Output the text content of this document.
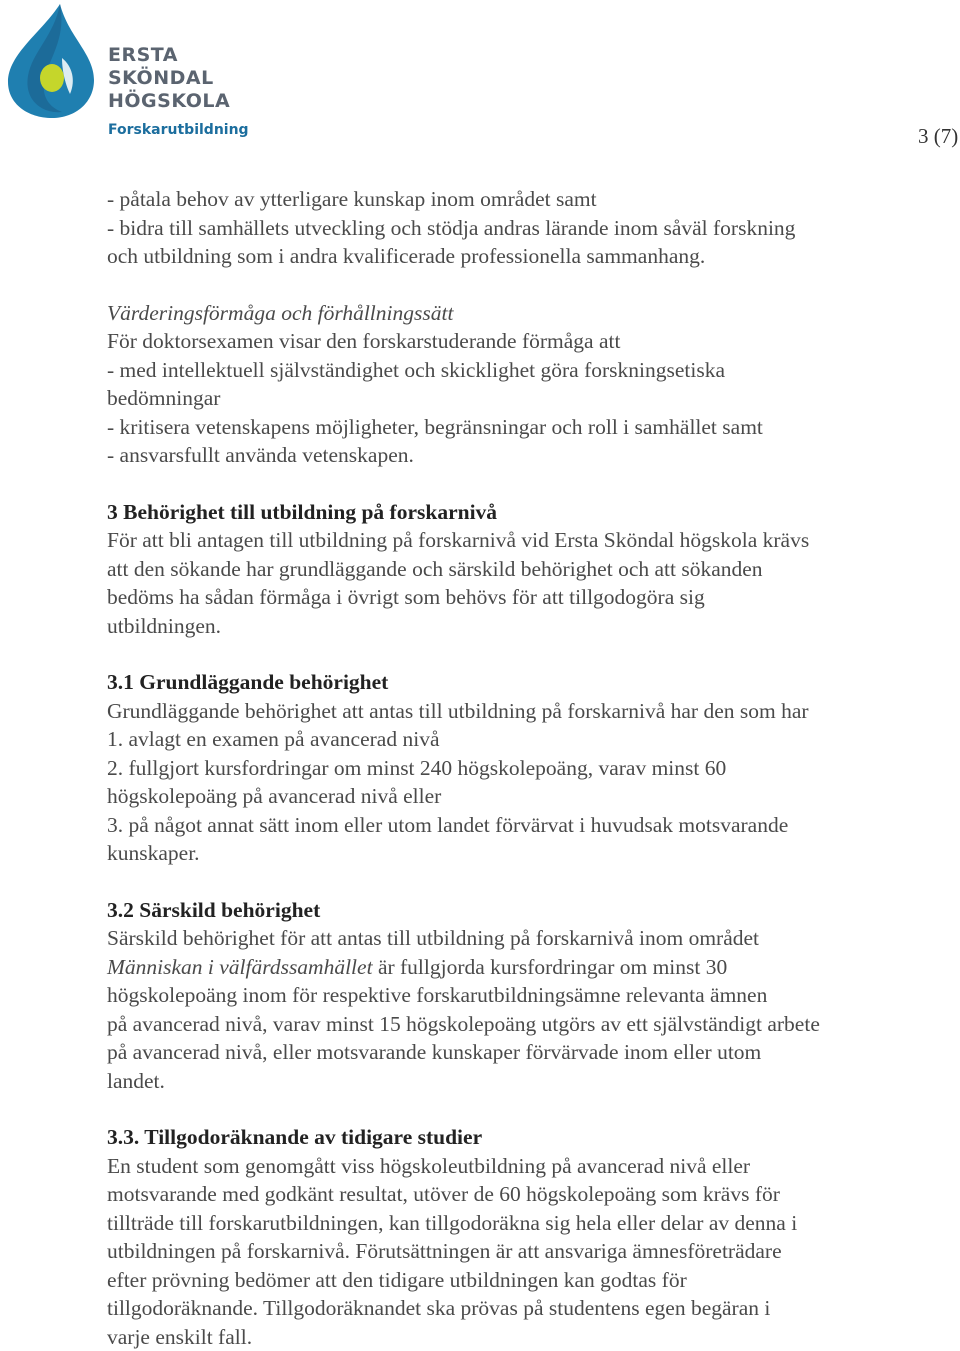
ERSTA
SKÖNDAL
HÖGSKOLA
Forskarutbildning	3 (7)
- påtala behov av ytterligare kunskap inom området samt
- bidra till samhällets utveckling och stödja andras lärande inom såväl forskning
och utbildning som i andra kvalificerade professionella sammanhang.
Värderingsförmåga och förhållningssätt
För doktorsexamen visar den forskarstuderande förmåga att
- med intellektuell självständighet och skicklighet göra forskningsetiska
bedömningar
- kritisera vetenskapens möjligheter, begränsningar och roll i samhället samt
- ansvarsfullt använda vetenskapen.
3 Behörighet till utbildning på forskarnivå
För att bli antagen till utbildning på forskarnivå vid Ersta Sköndal högskola krävs
att den sökande har grundläggande och särskild behörighet och att sökanden
bedöms ha sådan förmåga i övrigt som behövs för att tillgodogöra sig
utbildningen.
3.1 Grundläggande behörighet
Grundläggande behörighet att antas till utbildning på forskarnivå har den som har
1. avlagt en examen på avancerad nivå
2. fullgjort kursfordringar om minst 240 högskolepoäng, varav minst 60
högskolepoäng på avancerad nivå eller
3. på något annat sätt inom eller utom landet förvärvat i huvudsak motsvarande
kunskaper.
3.2 Särskild behörighet
Särskild behörighet för att antas till utbildning på forskarnivå inom området
Människan i välfärdssamhället är fullgjorda kursfordringar om minst 30
högskolepoäng inom för respektive forskarutbildningsämne relevanta ämnen
på avancerad nivå, varav minst 15 högskolepoäng utgörs av ett självständigt arbete
på avancerad nivå, eller motsvarande kunskaper förvärvade inom eller utom
landet.
3.3. Tillgodoräknande av tidigare studier
En student som genomgått viss högskoleutbildning på avancerad nivå eller
motsvarande med godkänt resultat, utöver de 60 högskolepoäng som krävs för
tillträde till forskarutbildningen, kan tillgodoräkna sig hela eller delar av denna i
utbildningen på forskarnivå. Förutsättningen är att ansvariga ämnesföreträdare
efter prövning bedömer att den tidigare utbildningen kan godtas för
tillgodoräknande. Tillgodoräknandet ska prövas på studentens egen begäran i
varje enskilt fall.
